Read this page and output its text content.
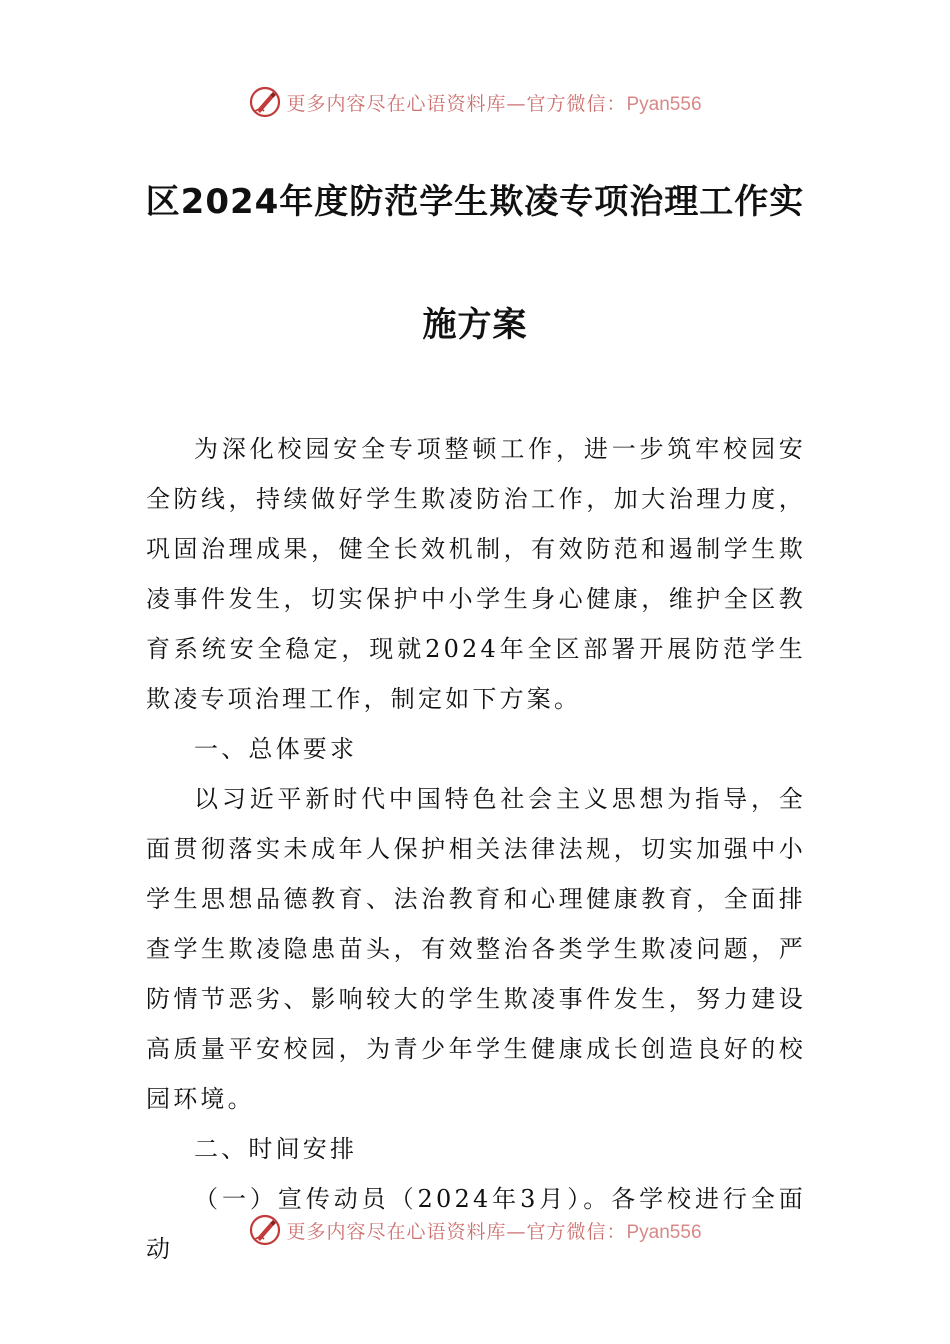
更多内容尽在心语资料库—官方微信：Pyan556
区2024年度防范学生欺凌专项治理工作实
施方案

为深化校园安全专项整顿工作，进一步筑牢校园安全防线，持续做好学生欺凌防治工作，加大治理力度，巩固治理成果，健全长效机制，有效防范和遏制学生欺凌事件发生，切实保护中小学生身心健康，维护全区教育系统安全稳定，现就2024年全区部署开展防范学生欺凌专项治理工作，制定如下方案。

一、总体要求

以习近平新时代中国特色社会主义思想为指导，全面贯彻落实未成年人保护相关法律法规，切实加强中小学生思想品德教育、法治教育和心理健康教育，全面排查学生欺凌隐患苗头，有效整治各类学生欺凌问题，严防情节恶劣、影响较大的学生欺凌事件发生，努力建设高质量平安校园，为青少年学生健康成长创造良好的校园环境。

二、时间安排

（一）宣传动员（2024年3月）。各学校进行全面动

更多内容尽在心语资料库—官方微信：Pyan556
